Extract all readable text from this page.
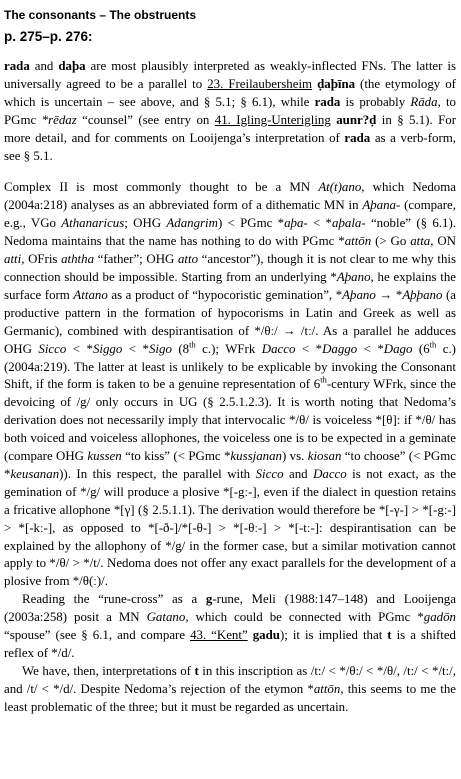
The consonants – The obstruents
p. 275–p. 276:

rada and daþa are most plausibly interpreted as weakly-inflected FNs. The latter is universally agreed to be a parallel to 23. Freilaubersheim ḍaþīna (the etymology of which is uncertain – see above, and § 5.1; § 6.1), while rada is probably Rāda, to PGmc *rēdaz “counsel” (see entry on 41. Igling-Unterigling aunr?ḍ in § 5.1). For more detail, and for comments on Looijenga’s interpretation of rada as a verb-form, see § 5.1.

Complex II is most commonly thought to be a MN At(t)ano, which Nedoma (2004a:218) analyses as an abbreviated form of a dithematic MN in Aþana- (compare, e.g., VGo Athanaricus; OHG Adangrim) < PGmc *aþa- < *aþala- “noble” (§ 6.1). Nedoma maintains that the name has nothing to do with PGmc *attōn (> Go atta, ON atti, OFris aththa “father”; OHG atto “ancestor”), though it is not clear to me why this connection should be impossible. Starting from an underlying *Aþano, he explains the surface form Attano as a product of “hypocoristic gemination”, *Aþano → *Aþþano (a productive pattern in the formation of hypocorisms in Latin and Greek as well as Germanic), combined with despirantisation of */θː/ → /tː/. As a parallel he adduces OHG Sicco < *Siggo < *Sigo (8th c.); WFrk Dacco < *Daggo < *Dago (6th c.) (2004a:219). The latter at least is unlikely to be explicable by invoking the Consonant Shift, if the form is taken to be a genuine representation of 6th-century WFrk, since the devoicing of /g/ only occurs in UG (§ 2.5.1.2.3). It is worth noting that Nedoma’s derivation does not necessarily imply that intervocalic */θ/ is voiceless *[θ]: if */θ/ has both voiced and voiceless allophones, the voiceless one is to be expected in a geminate (compare OHG kussen “to kiss” (< PGmc *kussjanan) vs. kiosan “to choose” (< PGmc *keusanan)). In this respect, the parallel with Sicco and Dacco is not exact, as the gemination of */g/ will produce a plosive *[-gː-], even if the dialect in question retains a fricative allophone *[γ] (§ 2.5.1.1). The derivation would therefore be *[-γ-] > *[-gː-] > *[-kː-], as opposed to *[-ð-]/*[-θ-] > *[-θː-] > *[-tː-]: despirantisation can be explained by the allophony of */g/ in the former case, but a similar motivation cannot apply to */θ/ > */t/. Nedoma does not offer any exact parallels for the development of a plosive from */θ(ː)/.

Reading the “rune-cross” as a g-rune, Meli (1988:147–148) and Looijenga (2003a:258) posit a MN Gatano, which could be connected with PGmc *gadōn “spouse” (see § 6.1, and compare 43. “Kent” gadu); it is implied that t is a shifted reflex of */d/.

We have, then, interpretations of t in this inscription as /t:/ < */θ:/ < */θ/, /t:/ < */t:/, and /t/ < */d/. Despite Nedoma’s rejection of the etymon *attōn, this seems to me the least problematic of the three; but it must be regarded as uncertain.
